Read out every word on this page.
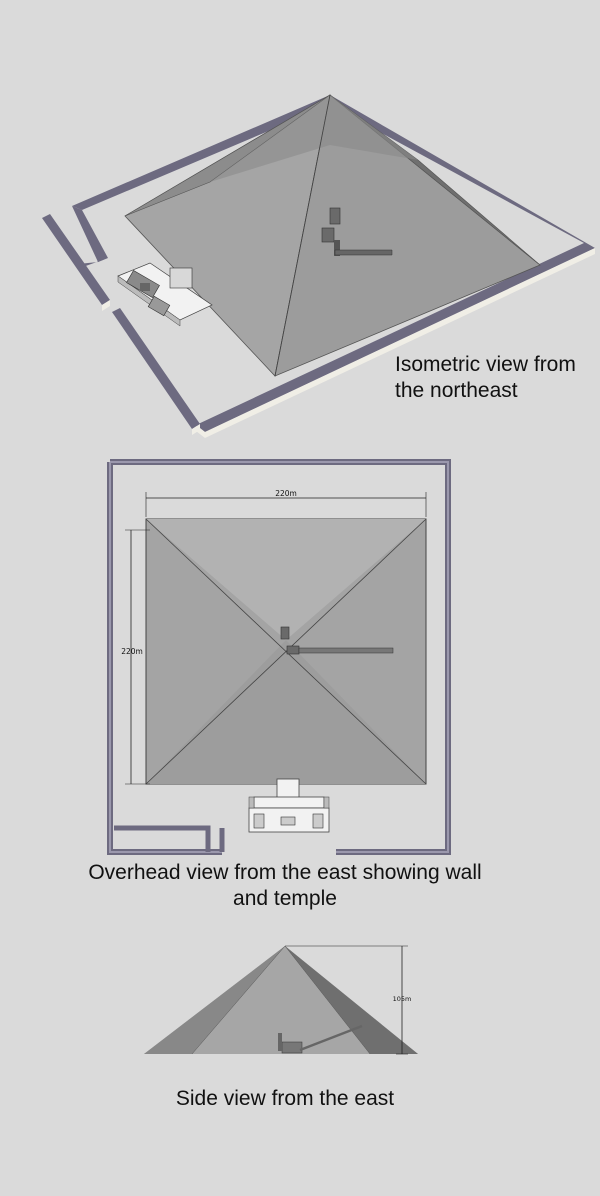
220m
220m
105m
Isometric view from
the northeast
Overhead view from the east showing wall
and temple
Side view from the east
